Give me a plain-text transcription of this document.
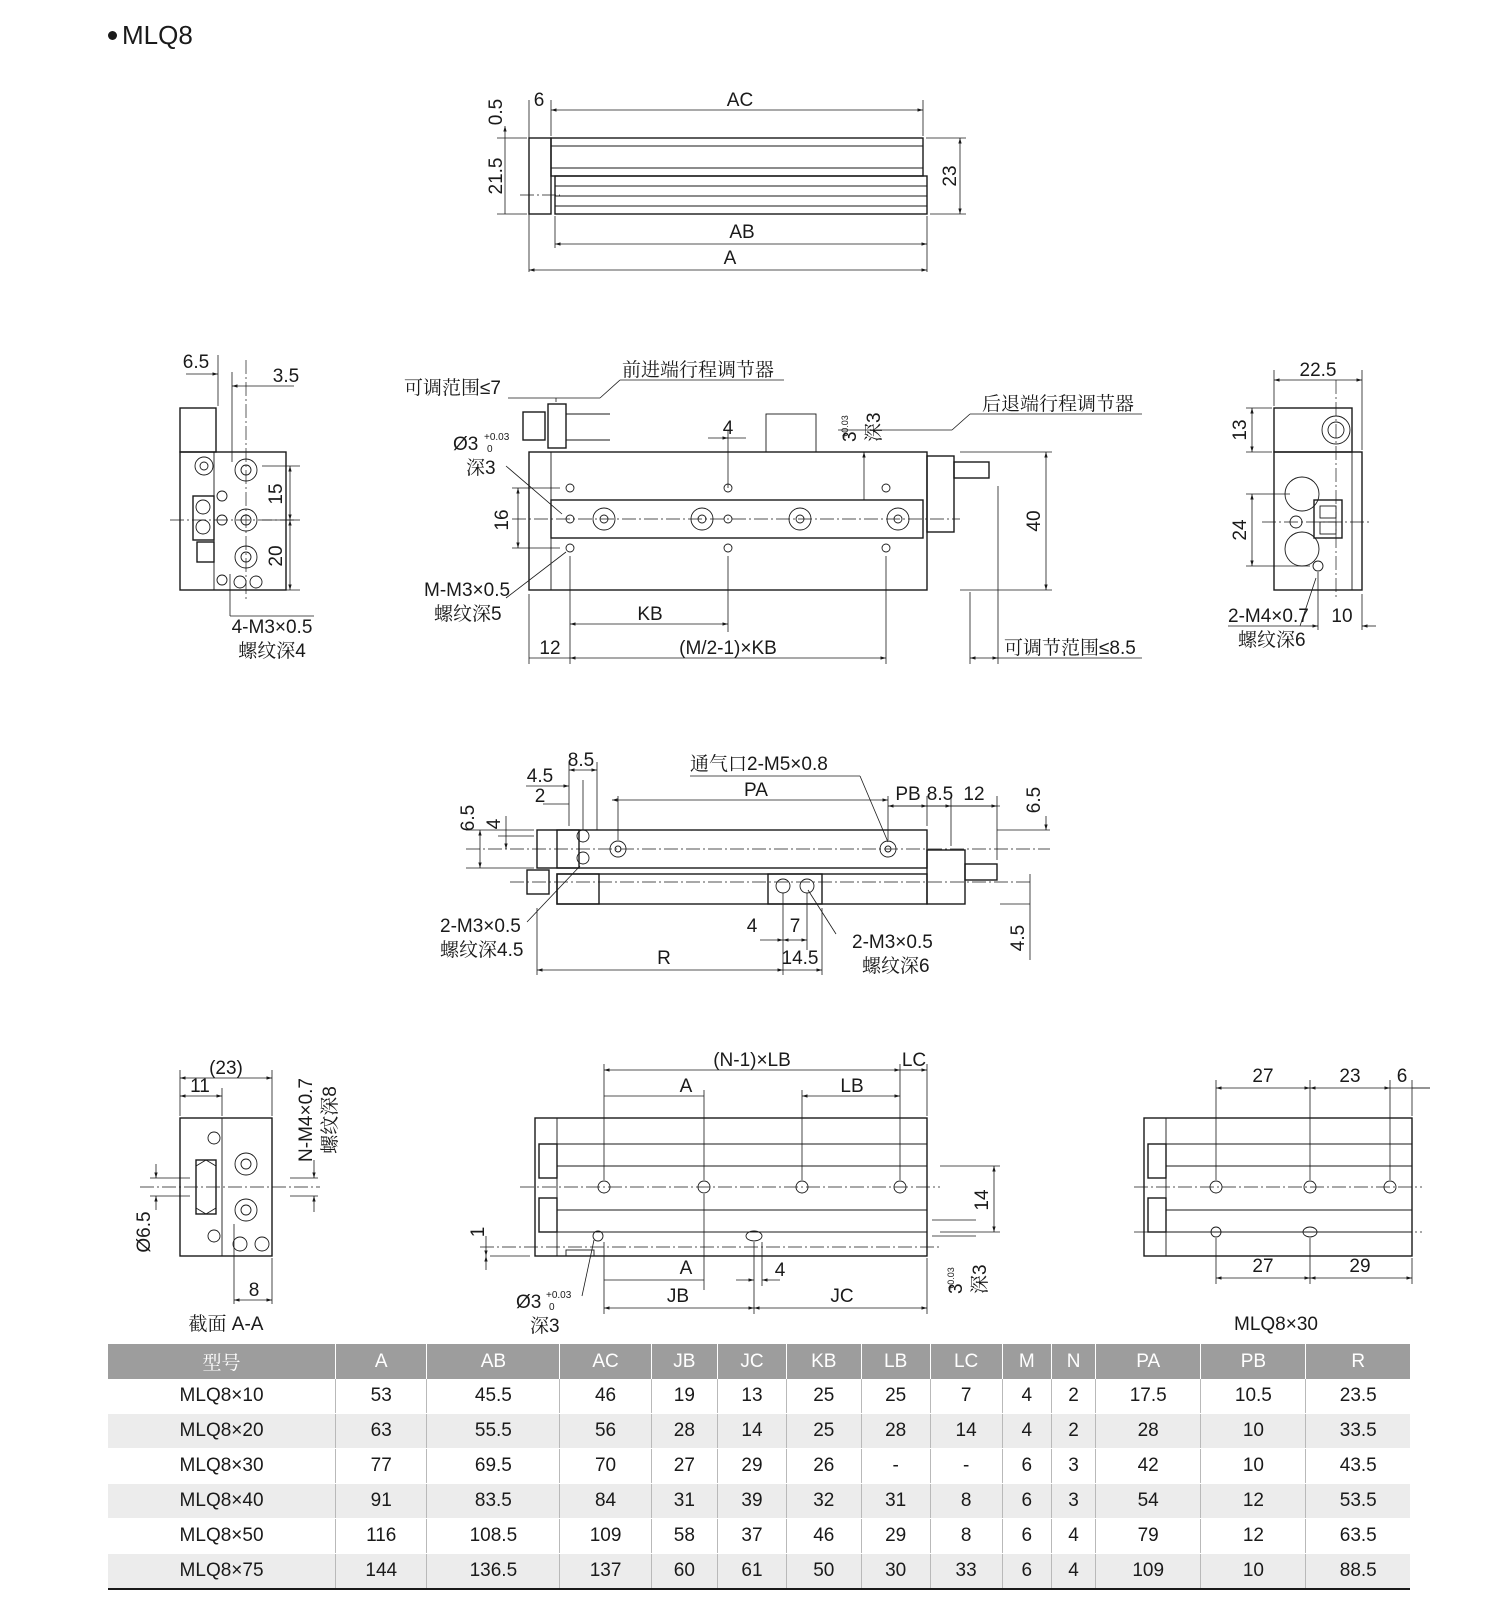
MLQ8
6	AC
AB
A
0.5
21.5	23
6.5
3.5
15
20
4-M3×0.5
螺纹深4
可调范围≤7
前进端行程调节器
后退端行程调节器
Ø3 +0.03
0
深3
3
+0.03 深3
4
16	40
M-M3×0.5
螺纹深5	KB
12	(M/2-1)×KB	可调节范围≤8.5
22.5
13
24
10
2-M4×0.7
螺纹深6
8.5
4.5
2
4
6.5
通气口2-M5×0.8
PA	PB 8.5 12 6.5
4 7
14.5
R
4.5
2-M3×0.5
螺纹深4.5	2-M3×0.5
螺纹深6
(23)
11
8
Ø6.5
N-M4×0.7 螺纹深8
截面 A-A
(N-1)×LB	LC
A	LB
1
14
A	4
JB	JC
Ø3 +0.03
0
深3
3
+0.03 深3
27	23 6
27	29
MLQ8×30
型号	A	AB	AC	JB	JC	KB	LB	LC	M	N	PA	PB	R
MLQ8×10	53	45.5	46	19	13	25	25	7	4	2	17.5	10.5	23.5
MLQ8×20	63	55.5	56	28	14	25	28	14	4	2	28	10	33.5
MLQ8×30	77	69.5	70	27	29	26	-	-	6	3	42	10	43.5
MLQ8×40	91	83.5	84	31	39	32	31	8	6	3	54	12	53.5
MLQ8×50	116	108.5	109	58	37	46	29	8	6	4	79	12	63.5
MLQ8×75	144	136.5	137	60	61	50	30	33	6	4	109	10	88.5
